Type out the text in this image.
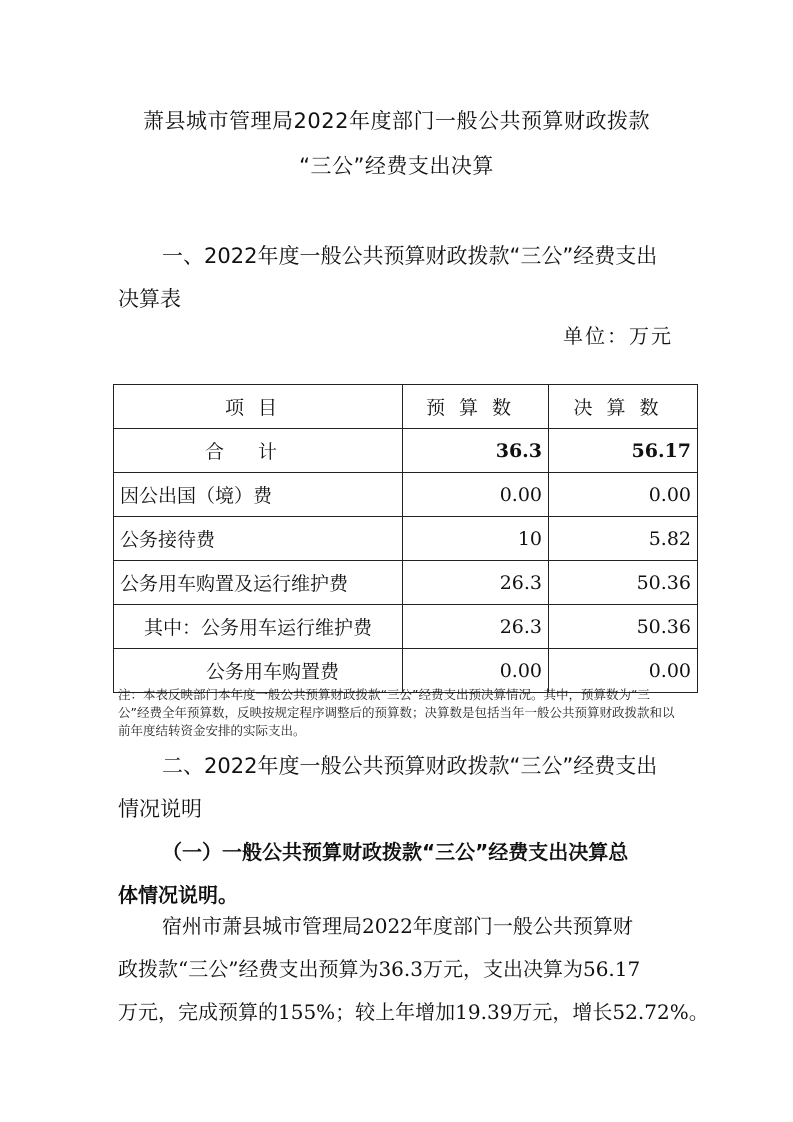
萧县城市管理局2022年度部门一般公共预算财政拨款
“三公”经费支出决算
一、2022年度一般公共预算财政拨款“三公”经费支出
决算表
单位：万元
项目	预算数	决算数
合计	36.3	56.17
因公出国（境）费	0.00	0.00
公务接待费	10	5.82
公务用车购置及运行维护费	26.3	50.36
其中：公务用车运行维护费	26.3	50.36
公务用车购置费	0.00	0.00
注：本表反映部门本年度一般公共预算财政拨款“三公”经费支出预决算情况。其中，预算数为“三公”经费全年预算数，反映按规定程序调整后的预算数；决算数是包括当年一般公共预算财政拨款和以前年度结转资金安排的实际支出。
二、2022年度一般公共预算财政拨款“三公”经费支出
情况说明
（一）一般公共预算财政拨款“三公”经费支出决算总
体情况说明。
宿州市萧县城市管理局2022年度部门一般公共预算财
政拨款“三公”经费支出预算为36.3万元，支出决算为56.17
万元，完成预算的155%；较上年增加19.39万元，增长52.72%。
